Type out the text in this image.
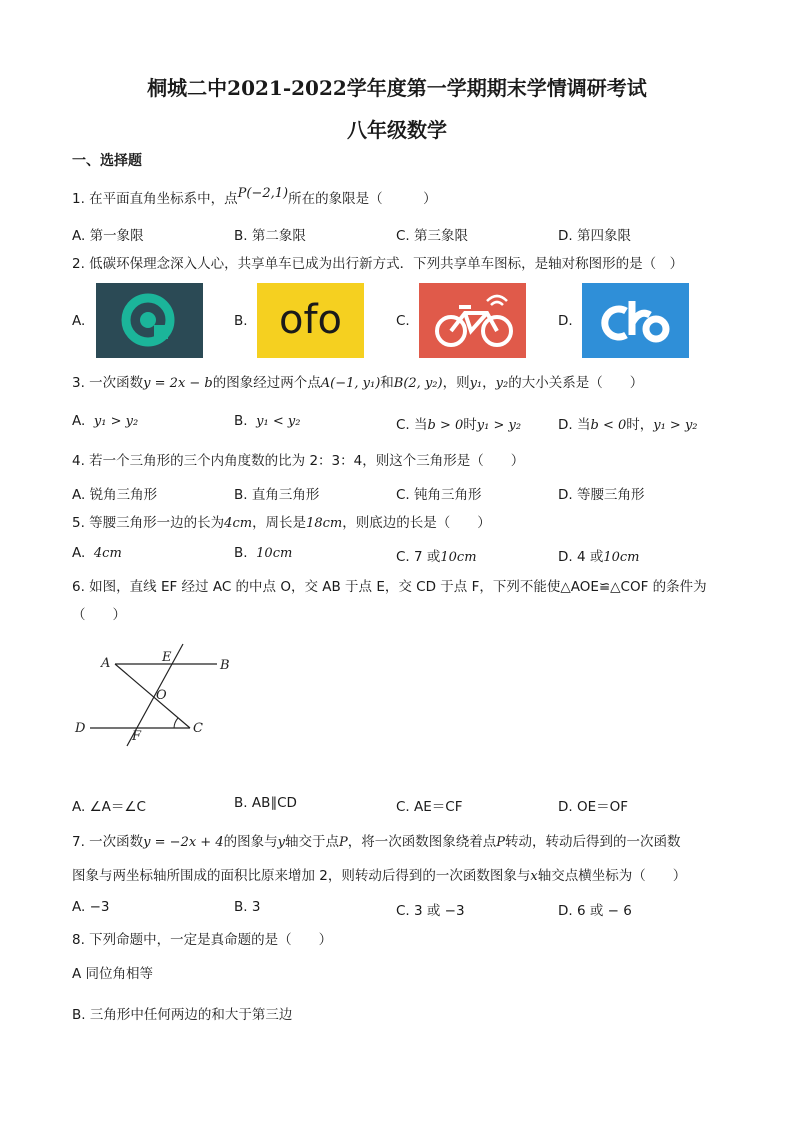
桐城二中2021-2022学年度第一学期期末学情调研考试
八年级数学
一、选择题
1. 在平面直角坐标系中，点P(−2,1)所在的象限是（　　　）
A. 第一象限	B. 第二象限	C. 第三象限	D. 第四象限
2. 低碳环保理念深入人心，共享单车已成为出行新方式．下列共享单车图标，是轴对称图形的是（　）
A.	B.	C.	D.
ofo
3. 一次函数y = 2x − b的图象经过两个点A(−1, y₁)和B(2, y₂)，则y₁，y₂的大小关系是（　　）
A. y₁ > y₂	B. y₁ < y₂	C. 当b > 0时y₁ > y₂	D. 当b < 0时，y₁ > y₂
4. 若一个三角形的三个内角度数的比为 2：3：4，则这个三角形是（　　）
A. 锐角三角形	B. 直角三角形	C. 钝角三角形	D. 等腰三角形
5. 等腰三角形一边的长为4cm，周长是18cm，则底边的长是（　　）
A. 4cm	B. 10cm	C. 7 或10cm	D. 4 或10cm
6. 如图，直线 EF 经过 AC 的中点 O，交 AB 于点 E，交 CD 于点 F，下列不能使△AOE≌△COF 的条件为
（　　）
A	E
B
O
D
F
C
A. ∠A＝∠C	B. AB∥CD	C. AE＝CF	D. OE＝OF
7. 一次函数y = −2x + 4的图象与y轴交于点P，将一次函数图象绕着点P转动，转动后得到的一次函数
图象与两坐标轴所围成的面积比原来增加 2，则转动后得到的一次函数图象与x轴交点横坐标为（　　）
A. −3	B. 3	C. 3 或 −3	D. 6 或 − 6
8. 下列命题中，一定是真命题的是（　　）
A 同位角相等
B. 三角形中任何两边的和大于第三边
